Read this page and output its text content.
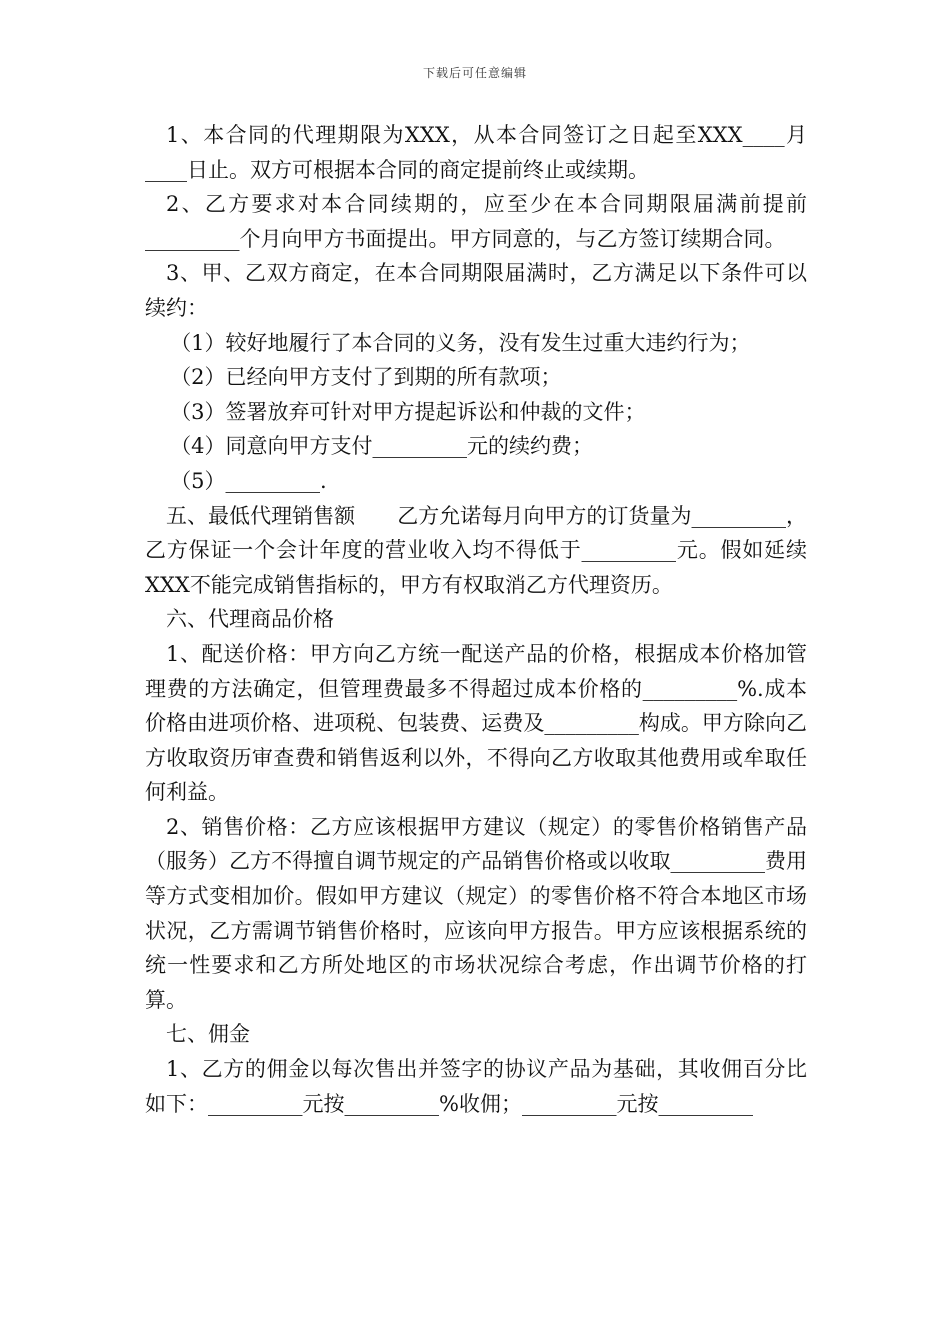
下载后可任意编辑

1、本合同的代理期限为XXX，从本合同签订之日起至XXX____月____日止。双方可根据本合同的商定提前终止或续期。

2、乙方要求对本合同续期的，应至少在本合同期限届满前提前_________个月向甲方书面提出。甲方同意的，与乙方签订续期合同。

3、甲、乙双方商定，在本合同期限届满时，乙方满足以下条件可以续约：

（1）较好地履行了本合同的义务，没有发生过重大违约行为；

（2）已经向甲方支付了到期的所有款项；

（3）签署放弃可针对甲方提起诉讼和仲裁的文件；

（4）同意向甲方支付_________元的续约费；

（5）_________.

五、最低代理销售额　　乙方允诺每月向甲方的订货量为_________，乙方保证一个会计年度的营业收入均不得低于_________元。假如延续XXX不能完成销售指标的，甲方有权取消乙方代理资历。

六、代理商品价格

1、配送价格：甲方向乙方统一配送产品的价格，根据成本价格加管理费的方法确定，但管理费最多不得超过成本价格的_________%.成本价格由进项价格、进项税、包装费、运费及_________构成。甲方除向乙方收取资历审查费和销售返利以外，不得向乙方收取其他费用或牟取任何利益。

2、销售价格：乙方应该根据甲方建议（规定）的零售价格销售产品（服务）乙方不得擅自调节规定的产品销售价格或以收取_________费用等方式变相加价。假如甲方建议（规定）的零售价格不符合本地区市场状况，乙方需调节销售价格时，应该向甲方报告。甲方应该根据系统的统一性要求和乙方所处地区的市场状况综合考虑，作出调节价格的打算。

七、佣金

1、乙方的佣金以每次售出并签字的协议产品为基础，其收佣百分比如下：_________元按_________%收佣；_________元按_________
